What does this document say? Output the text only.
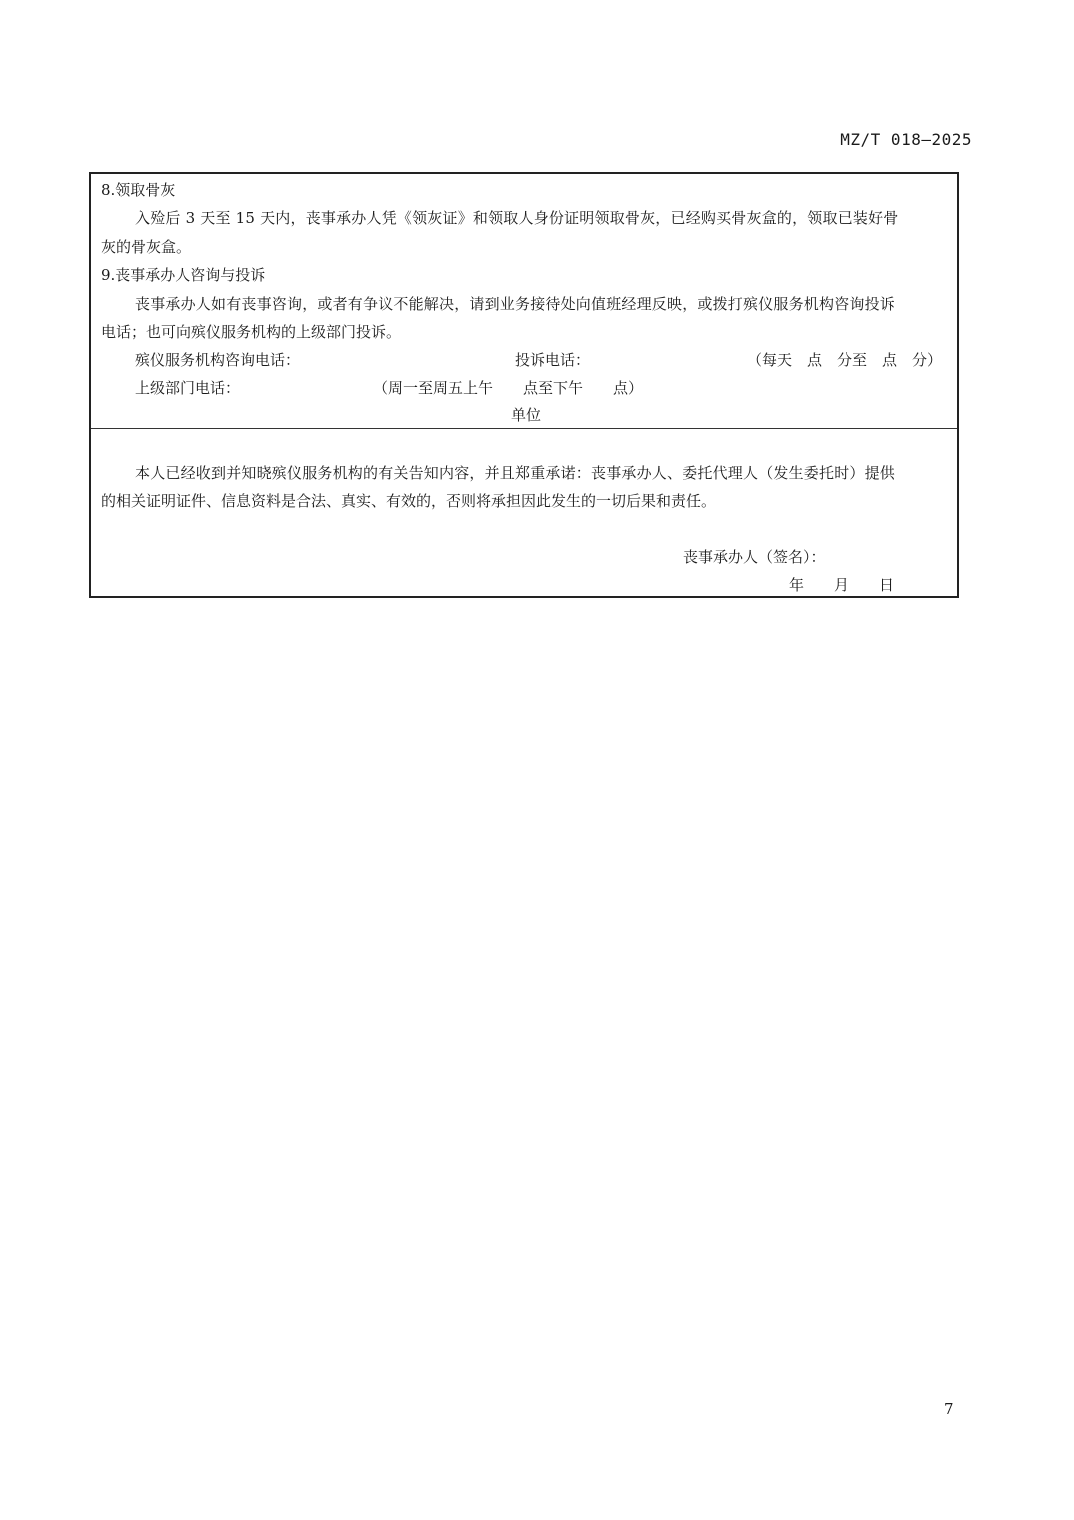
MZ/T 018—2025
8.领取骨灰
入殓后 3 天至 15 天内，丧事承办人凭《领灰证》和领取人身份证明领取骨灰，已经购买骨灰盒的，领取已装好骨
灰的骨灰盒。
9.丧事承办人咨询与投诉
丧事承办人如有丧事咨询，或者有争议不能解决，请到业务接待处向值班经理反映，或拨打殡仪服务机构咨询投诉
电话；也可向殡仪服务机构的上级部门投诉。
殡仪服务机构咨询电话：	投诉电话：	（每天　点　分至　点　分）
上级部门电话：	（周一至周五上午　　点至下午　　点）
单位
本人已经收到并知晓殡仪服务机构的有关告知内容，并且郑重承诺：丧事承办人、委托代理人（发生委托时）提供
的相关证明证件、信息资料是合法、真实、有效的，否则将承担因此发生的一切后果和责任。
丧事承办人（签名）：
年　　月　　日
7
